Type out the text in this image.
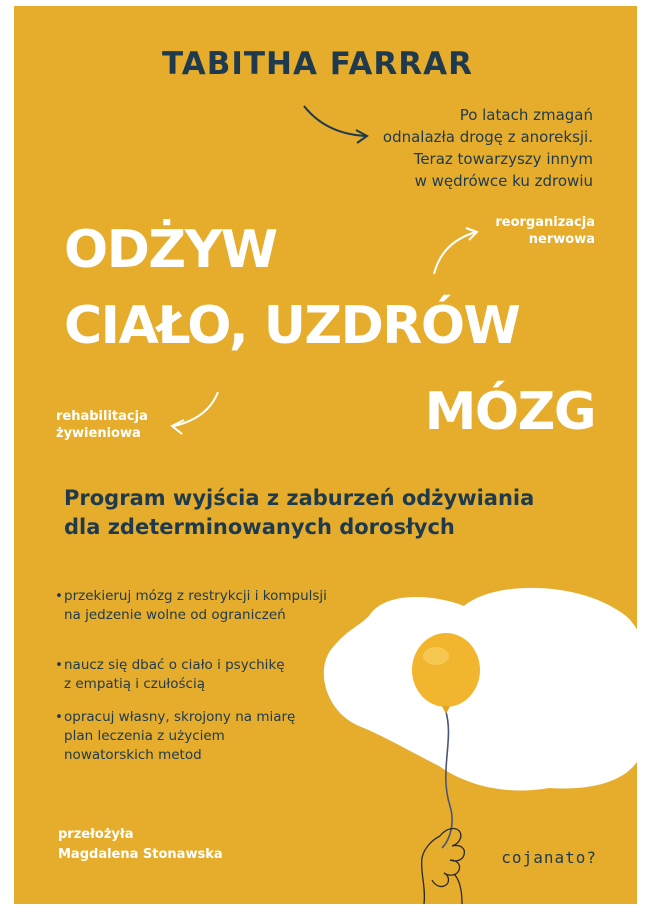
TABITHA FARRAR

Po latach zmagań
odnalazła drogę z anoreksji.
Teraz towarzyszy innym
w wędrówce ku zdrowiu

ODŻYW

CIAŁO, UZDRÓW

MÓZG

reorganizacja
nerwowa

rehabilitacja
żywieniowa

Program wyjścia z zaburzeń odżywiania
dla zdeterminowanych dorosłych

• przekieruj mózg z restrykcji i kompulsji
na jedzenie wolne od ograniczeń
• naucz się dbać o ciało i psychikę
z empatią i czułością
• opracuj własny, skrojony na miarę
plan leczenia z użyciem
nowatorskich metod

przełożyła
Magdalena Stonawska	cojanato?
